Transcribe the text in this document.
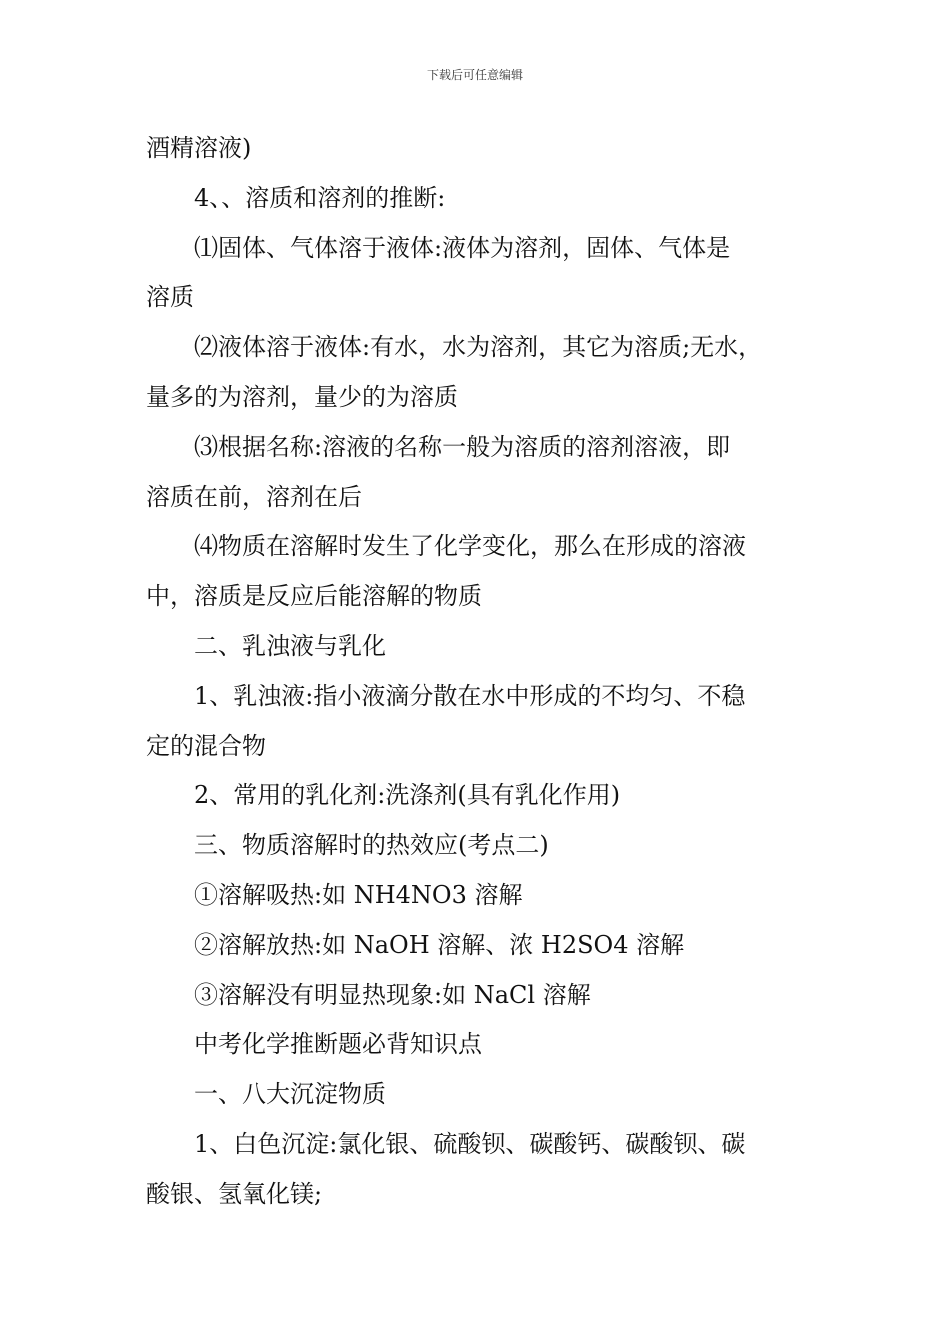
下载后可任意编辑

酒精溶液)

4、、溶质和溶剂的推断:

⑴固体、气体溶于液体:液体为溶剂，固体、气体是

溶质

⑵液体溶于液体:有水，水为溶剂，其它为溶质;无水，

量多的为溶剂，量少的为溶质

⑶根据名称:溶液的名称一般为溶质的溶剂溶液，即

溶质在前，溶剂在后

⑷物质在溶解时发生了化学变化，那么在形成的溶液

中，溶质是反应后能溶解的物质

二、乳浊液与乳化

1、乳浊液:指小液滴分散在水中形成的不均匀、不稳

定的混合物

2、常用的乳化剂:洗涤剂(具有乳化作用)

三、物质溶解时的热效应(考点二)

①溶解吸热:如 NH4NO3 溶解

②溶解放热:如 NaOH 溶解、浓 H2SO4 溶解

③溶解没有明显热现象:如 NaCl 溶解

中考化学推断题必背知识点

一、八大沉淀物质

1、白色沉淀:氯化银、硫酸钡、碳酸钙、碳酸钡、碳

酸银、氢氧化镁;
